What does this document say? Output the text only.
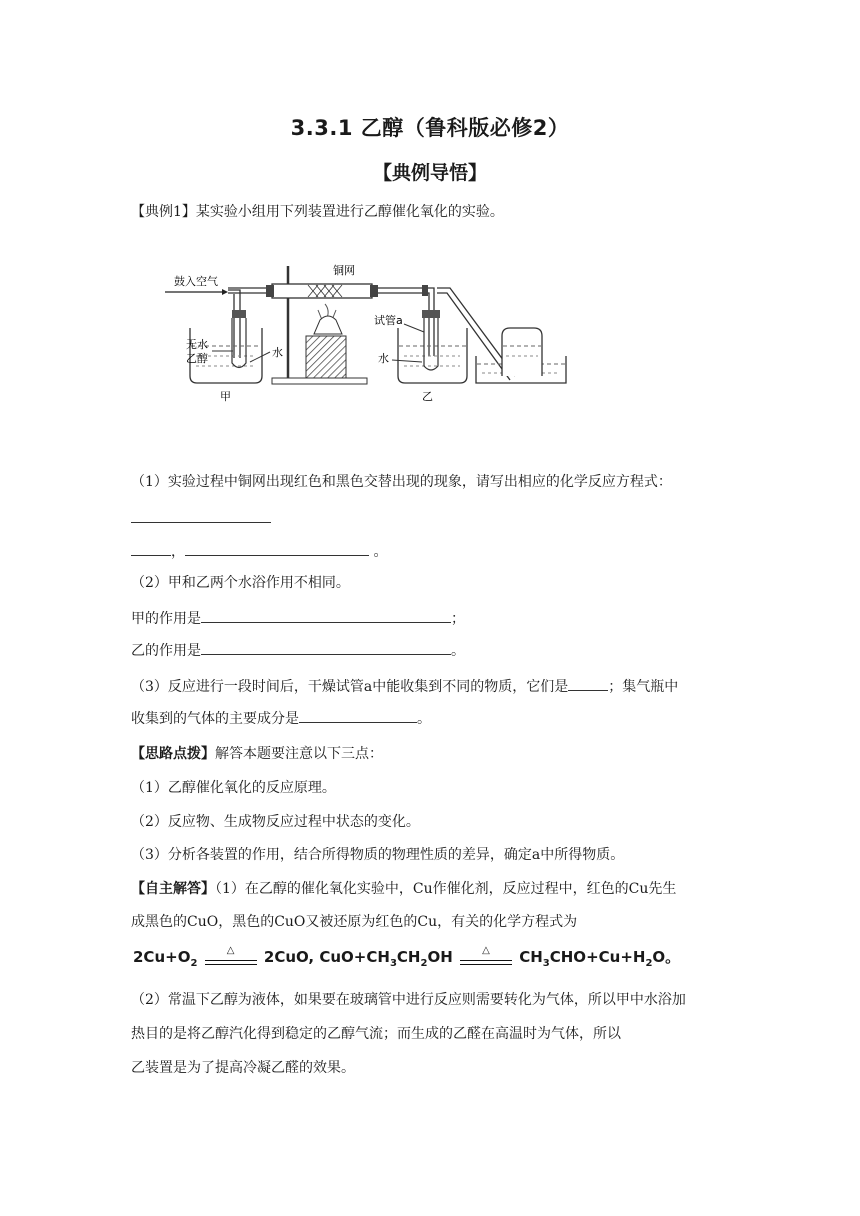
3.3.1 乙醇（鲁科版必修2）
【典例导悟】
【典例1】某实验小组用下列装置进行乙醇催化氧化的实验。
鼓入空气
无水
乙醇	水
甲
铜网
试管a
水
乙
（1）实验过程中铜网出现红色和黑色交替出现的现象，请写出相应的化学反应方程式：
，	。
（2）甲和乙两个水浴作用不相同。
甲的作用是	；
乙的作用是	。
（3）反应进行一段时间后，干燥试管a中能收集到不同的物质，它们是	；集气瓶中
收集到的气体的主要成分是	。
【思路点拨】解答本题要注意以下三点：
（1）乙醇催化氧化的反应原理。
（2）反应物、生成物反应过程中状态的变化。
（3）分析各装置的作用，结合所得物质的物理性质的差异，确定a中所得物质。
【自主解答】（1）在乙醇的催化氧化实验中，Cu作催化剂，反应过程中，红色的Cu先生
成黑色的CuO，黑色的CuO又被还原为红色的Cu，有关的化学方程式为
$2Cu+O_2$
△	2CuO, $CuO+CH_3CH_2OH$	△	$CH_3CHO+Cu+H_2O$。
（2）常温下乙醇为液体，如果要在玻璃管中进行反应则需要转化为气体，所以甲中水浴加
热目的是将乙醇汽化得到稳定的乙醇气流；而生成的乙醛在高温时为气体，所以
乙装置是为了提高冷凝乙醛的效果。
